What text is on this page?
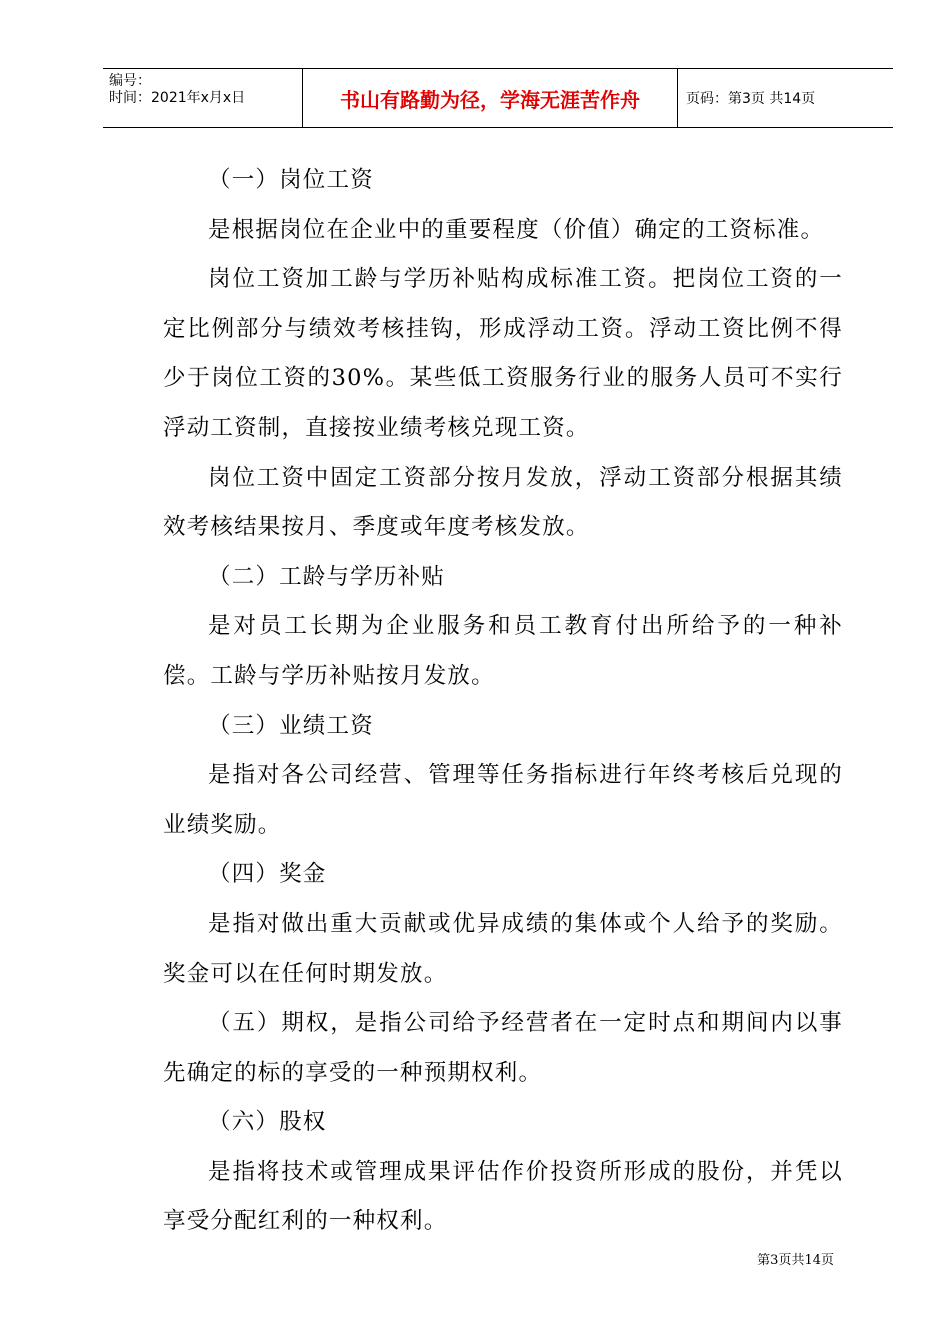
编号：
时间：2021年x月x日	书山有路勤为径，学海无涯苦作舟	页码：第3页 共14页

（一）岗位工资

是根据岗位在企业中的重要程度（价值）确定的工资标准。

岗位工资加工龄与学历补贴构成标准工资。把岗位工资的一定比例部分与绩效考核挂钩，形成浮动工资。浮动工资比例不得少于岗位工资的30%。某些低工资服务行业的服务人员可不实行浮动工资制，直接按业绩考核兑现工资。

岗位工资中固定工资部分按月发放，浮动工资部分根据其绩效考核结果按月、季度或年度考核发放。

（二）工龄与学历补贴

是对员工长期为企业服务和员工教育付出所给予的一种补偿。工龄与学历补贴按月发放。

（三）业绩工资

是指对各公司经营、管理等任务指标进行年终考核后兑现的业绩奖励。

（四）奖金

是指对做出重大贡献或优异成绩的集体或个人给予的奖励。奖金可以在任何时期发放。

（五）期权，是指公司给予经营者在一定时点和期间内以事先确定的标的享受的一种预期权利。

（六）股权

是指将技术或管理成果评估作价投资所形成的股份，并凭以享受分配红利的一种权利。

第3页共14页
